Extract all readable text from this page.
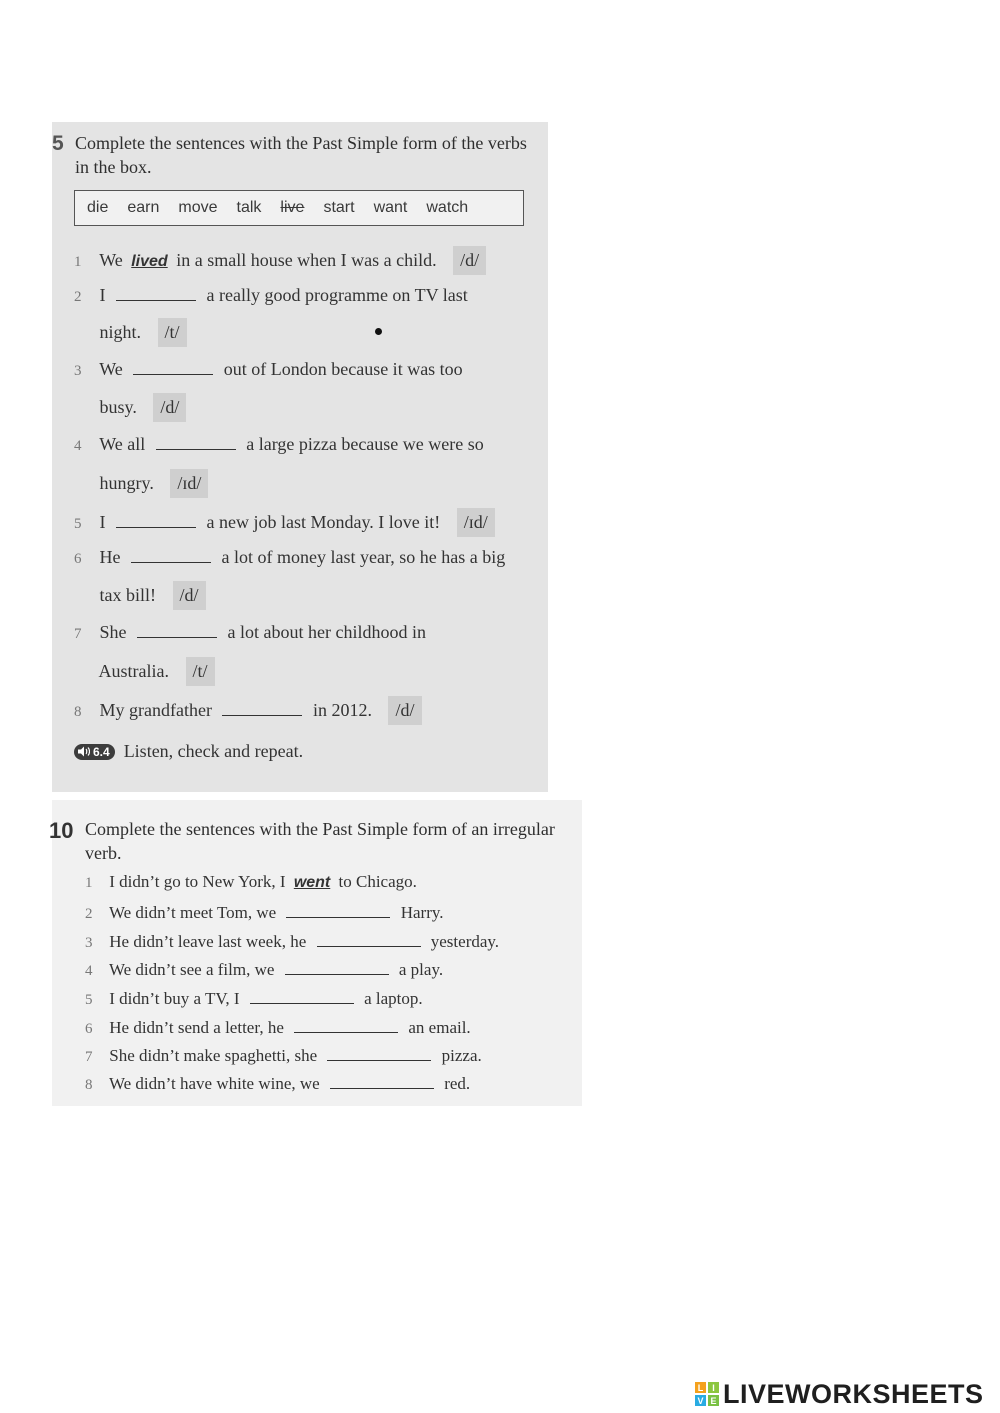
5 Complete the sentences with the Past Simple form of the verbs in the box.
die earn move talk live start want watch
1 We lived in a small house when I was a child. /d/
2 I	a really good programme on TV last
night. /t/
3 We	out of London because it was too
busy. /d/
4 We all	a large pizza because we were so
hungry. /ɪd/
5 I	a new job last Monday. I love it! /ɪd/
6 He	a lot of money last year, so he has a big
tax bill! /d/
7 She	a lot about her childhood in
Australia. /t/
8 My grandfather	in 2012. /d/
6.4 Listen, check and repeat.
10 Complete the sentences with the Past Simple form of an irregular verb.
1 I didn’t go to New York, I went to Chicago.
2 We didn’t meet Tom, we	Harry.
3 He didn’t leave last week, he	yesterday.
4 We didn’t see a film, we	a play.
5 I didn’t buy a TV, I	a laptop.
6 He didn’t send a letter, he	an email.
7 She didn’t make spaghetti, she	pizza.
8 We didn’t have white wine, we	red.
L I
V E LIVEWORKSHEETS
